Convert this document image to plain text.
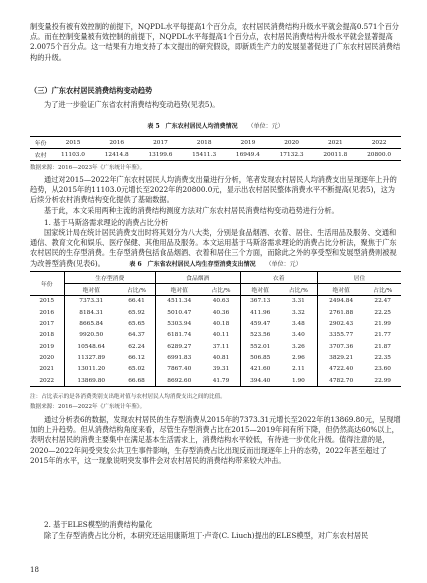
制变量投有被有效控制的前提下，NQPDL水平每提高1个百分点，农村居民消费结构升级水平就会提高0.571个百分点。而在控制变量被有效控制的前提下，NQPDL水平每提高1个百分点，农村居民消费结构升级水平就会显著提高2.0075个百分点。这一结果有力地支持了本文提出的研究假设，即新质生产力的发展显著促进了广东农村居民消费结构的升级。

（三）广东农村居民消费结构变动趋势

为了进一步验证广东省农村消费结构变动趋势(见表5)。

表 5　广东农村居民人均消费情况 （单位：元）
年份	2015	2016	2017	2018	2019	2020	2021	2022
农村	11103.0	12414.8	13199.6	15411.3	16949.4	17132.3	20011.8	20800.0
数据来源：2016—2023年《广东统计年鉴》。

通过对2015—2022年广东农村居民人均消费支出量进行分析，笔者发现农村居民人均消费支出呈现逐年上升的趋势，从2015年的11103.0元增长至2022年的20800.0元，显示出农村居民整体消费水平不断提高(见表5)，这为后续分析农村消费结构变化提供了基础数据。

基于此，本文采用两种主流的消费结构测度方法对广东农村居民消费结构变动趋势进行分析。

1. 基于马斯洛需求理论的消费占比分析

国家统计局在统计居民消费支出时将其划分为八大类，分别是食品烟酒、衣着、居住、生活用品及服务、交通和通信、教育文化和娱乐、医疗保健、其他用品及服务。本文运用基于马斯洛需求理论的消费占比分析法，聚焦于广东农村居民的生存型消费。生存型消费包括食品烟酒、衣着和居住三个方面，而除此之外的享受型和发展型消费则被视为改善型消费(见表6)。	表 6　广东省农村居民人均生存型消费支出情况 （单位：元）
年份	生存型消费		食品烟酒		衣着		居住	
	绝对值	占比/%	绝对值	占比/%	绝对值	占比/%	绝对值	占比/%
2015	7373.31	66.41	4511.34	40.63	367.13	3.31	2494.84	22.47
2016	8184.31	65.92	5010.47	40.36	411.96	3.32	2761.88	22.25
2017	8665.84	65.65	5303.94	40.18	459.47	3.48	2902.43	21.99
2018	9920.50	64.37	6181.74	40.11	523.56	3.40	3355.77	21.77
2019	10548.64	62.24	6289.27	37.11	552.01	3.26	3707.36	21.87
2020	11327.89	66.12	6991.83	40.81	506.85	2.96	3829.21	22.35
2021	13011.20	65.02	7867.40	39.31	421.60	2.11	4722.40	23.60
2022	13869.80	66.68	8692.60	41.79	394.40	1.90	4782.70	22.99
注：占比表示的是各消费类别支出绝对值与农村居民人均消费支出之间的比值。
数据来源：2016—2022年《广东统计年鉴》。

通过分析表6的数据，发现农村居民的生存型消费从2015年的7373.31元增长至2022年的13869.80元，呈现增加的上升趋势。但从消费结构角度来看，尽管生存型消费占比在2015—2019年间有所下降，但仍然高达60%以上，表明农村居民的消费主要集中在满足基本生活需求上，消费结构水平较低，有待进一步优化升级。值得注意的是，2020—2022年间受突发公共卫生事件影响，生存型消费占比出现反而出现逐年上升的态势，2022年甚至超过了2015年的水平，这一现象说明突发事件会对农村居民的消费结构带来较大冲击。

2. 基于ELES模型的消费结构量化

除了生存型消费占比分析，本研究还运用康斯坦丁·卢奇(C. Liuch)提出的ELES模型，对广东农村居民

18
